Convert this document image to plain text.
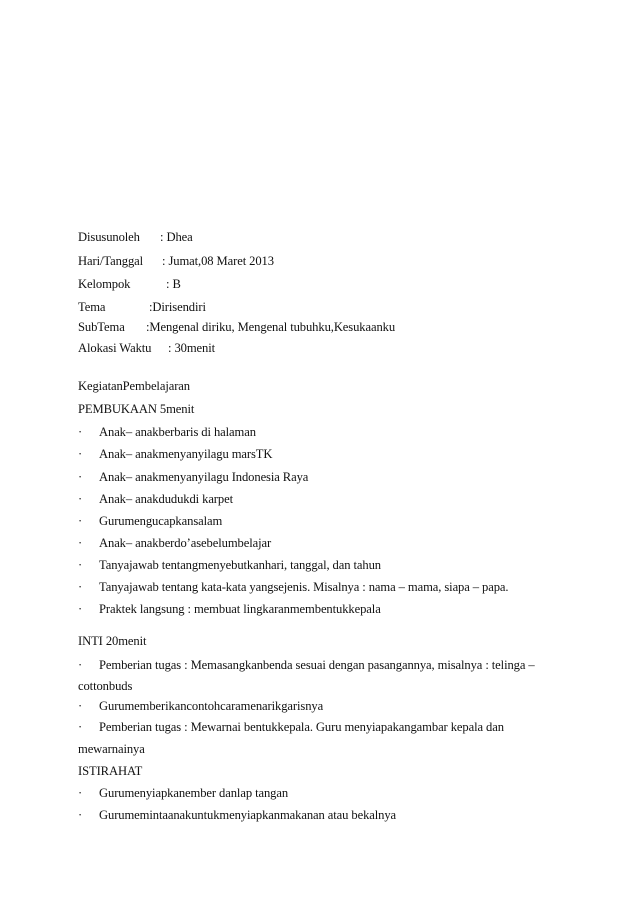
Disusunoleh : Dhea
Hari/Tanggal : Jumat,08 Maret 2013
Kelompok	: B
Tema	:Dirisendiri
SubTema :Mengenal diriku, Mengenal tubuhku,Kesukaanku
Alokasi Waktu : 30menit
KegiatanPembelajaran
PEMBUKAAN 5menit
· Anak– anakberbaris di halaman
· Anak– anakmenyanyilagu marsTK
· Anak– anakmenyanyilagu Indonesia Raya
· Anak– anakdudukdi karpet
· Gurumengucapkansalam
· Anak– anakberdo’asebelumbelajar
· Tanyajawab tentangmenyebutkanhari, tanggal, dan tahun
· Tanyajawab tentang kata-kata yangsejenis. Misalnya : nama – mama, siapa – papa.
· Praktek langsung : membuat lingkaranmembentukkepala
INTI 20menit
· Pemberian tugas : Memasangkanbenda sesuai dengan pasangannya, misalnya : telinga –
cottonbuds
· Gurumemberikancontohcaramenarikgarisnya
· Pemberian tugas : Mewarnai bentukkepala. Guru menyiapakangambar kepala dan
mewarnainya
ISTIRAHAT
· Gurumenyiapkanember danlap tangan
· Gurumemintaanakuntukmenyiapkanmakanan atau bekalnya
